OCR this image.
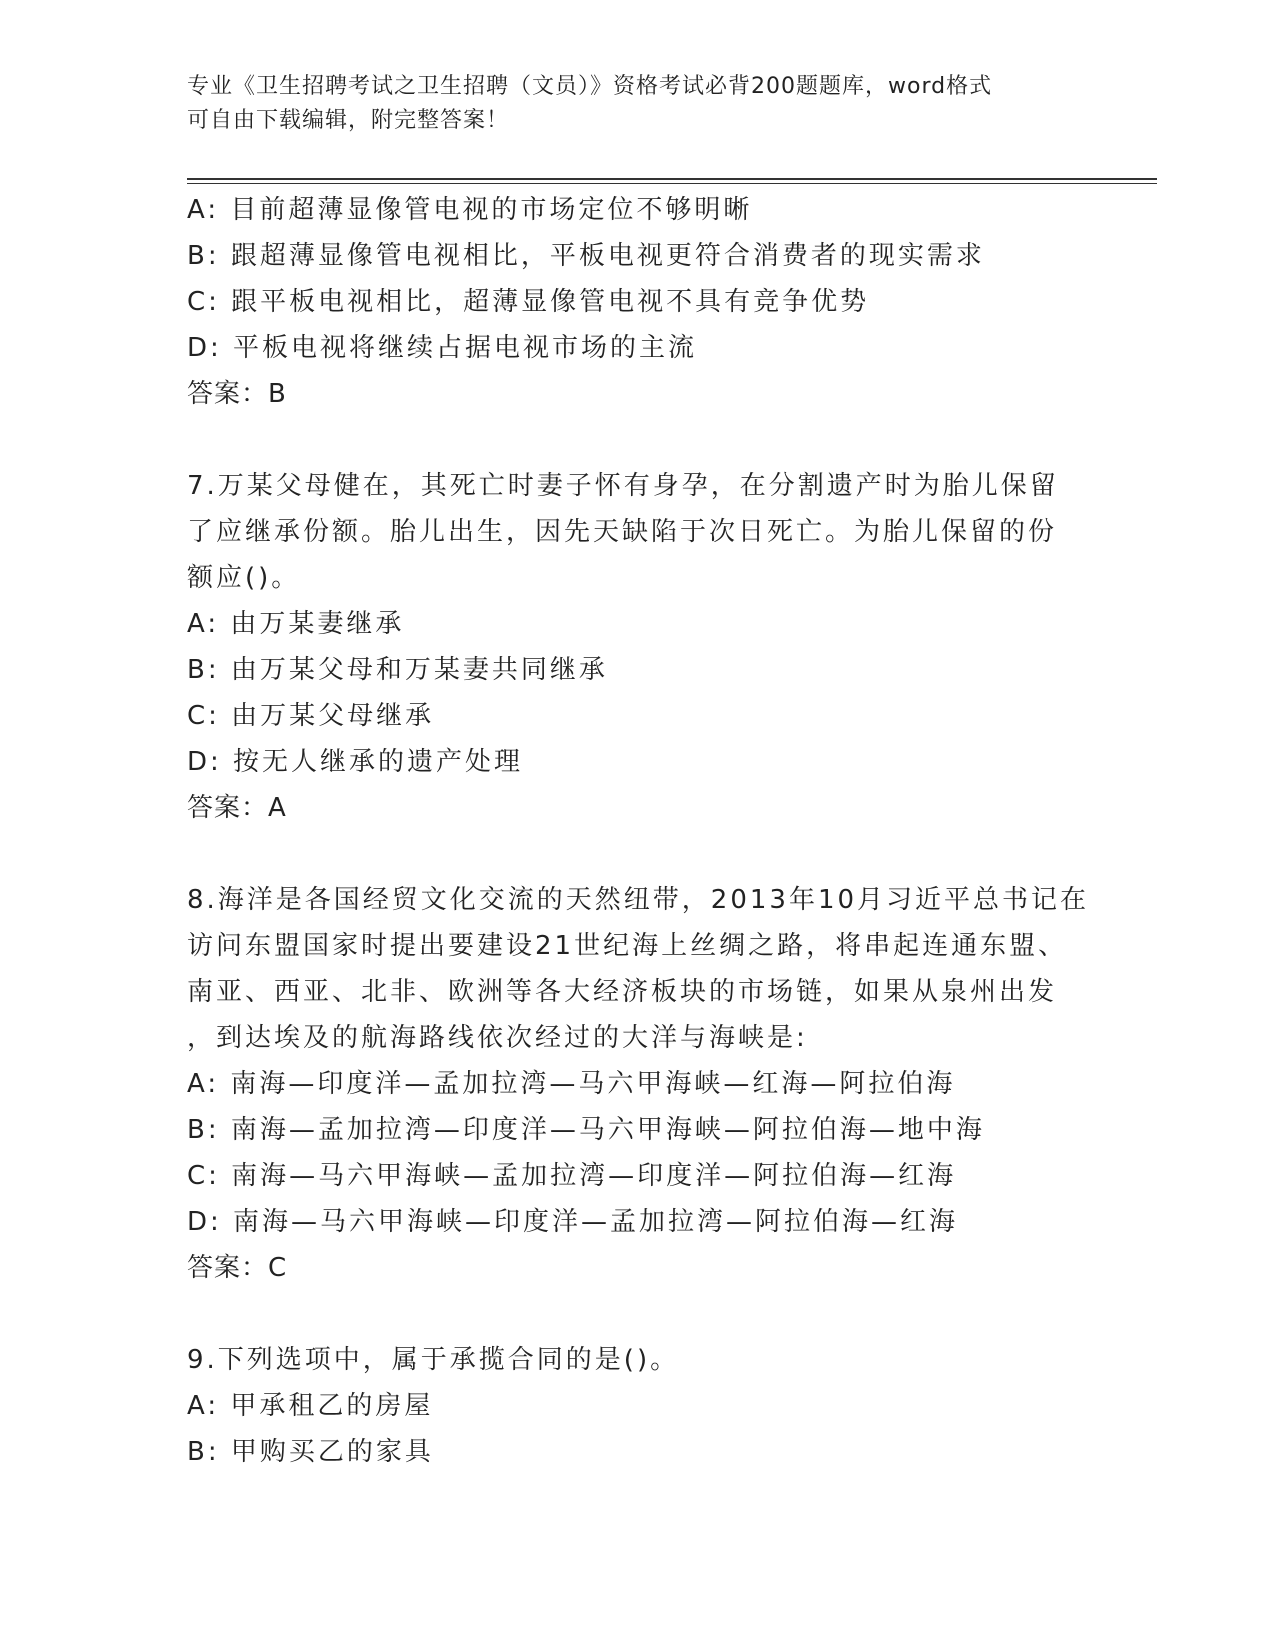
专业《卫生招聘考试之卫生招聘（文员）》资格考试必背200题题库，word格式
可自由下载编辑，附完整答案！
A: 目前超薄显像管电视的市场定位不够明晰
B: 跟超薄显像管电视相比，平板电视更符合消费者的现实需求
C: 跟平板电视相比，超薄显像管电视不具有竞争优势
D: 平板电视将继续占据电视市场的主流
答案：B
7.万某父母健在，其死亡时妻子怀有身孕，在分割遗产时为胎儿保留
了应继承份额。胎儿出生，因先天缺陷于次日死亡。为胎儿保留的份
额应()。
A: 由万某妻继承
B: 由万某父母和万某妻共同继承
C: 由万某父母继承
D: 按无人继承的遗产处理
答案：A
8.海洋是各国经贸文化交流的天然纽带，2013年10月习近平总书记在
访问东盟国家时提出要建设21世纪海上丝绸之路，将串起连通东盟、
南亚、西亚、北非、欧洲等各大经济板块的市场链，如果从泉州出发
，到达埃及的航海路线依次经过的大洋与海峡是:
A: 南海—印度洋—孟加拉湾—马六甲海峡—红海—阿拉伯海
B: 南海—孟加拉湾—印度洋—马六甲海峡—阿拉伯海—地中海
C: 南海—马六甲海峡—孟加拉湾—印度洋—阿拉伯海—红海
D: 南海—马六甲海峡—印度洋—孟加拉湾—阿拉伯海—红海
答案：C
9.下列选项中，属于承揽合同的是()。
A: 甲承租乙的房屋
B: 甲购买乙的家具
